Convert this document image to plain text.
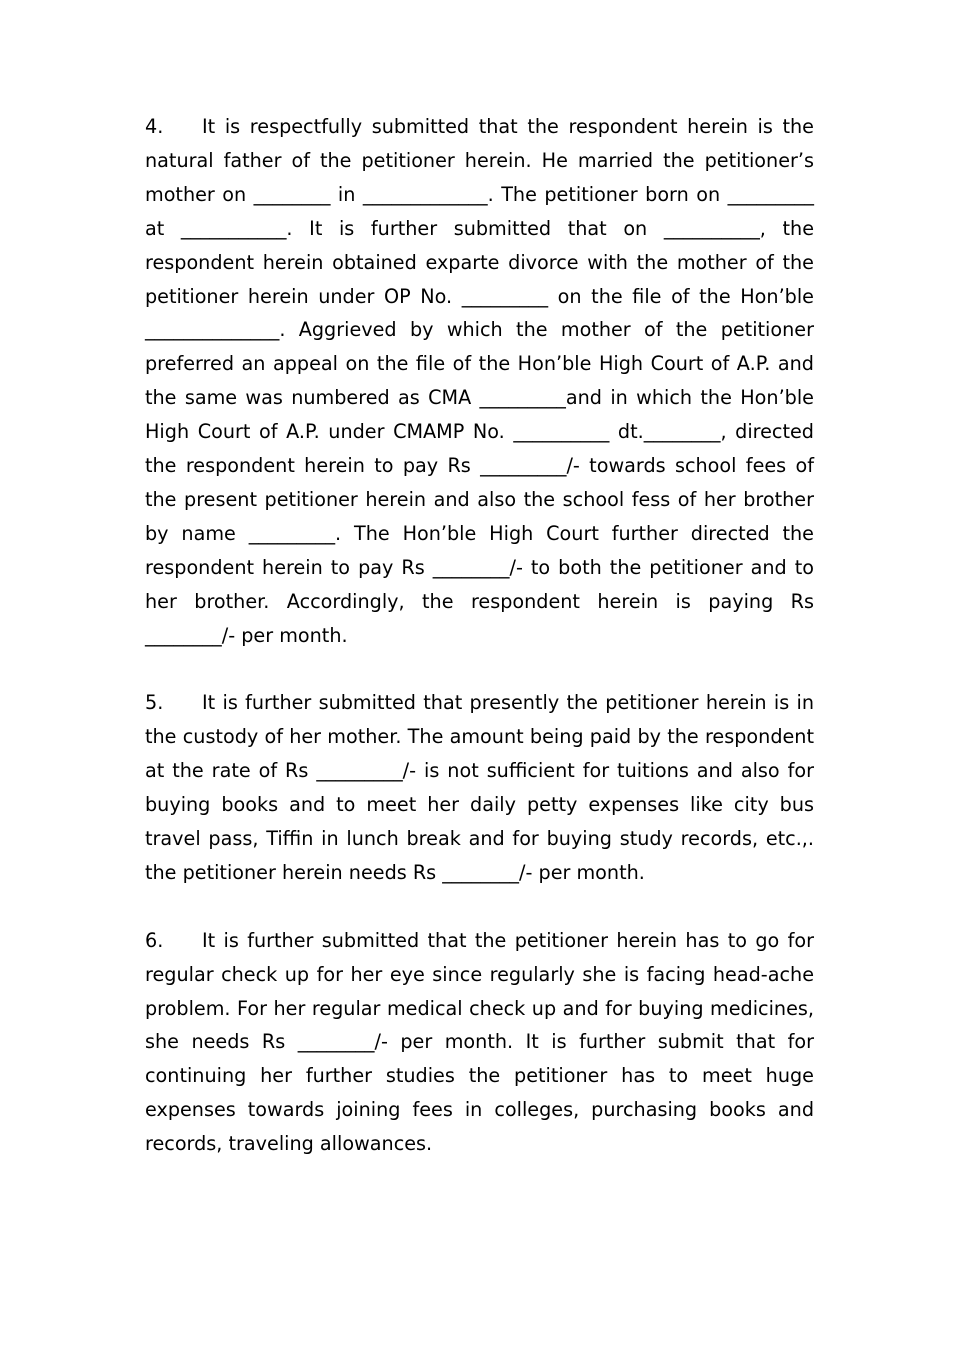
4. It is respectfully submitted that the respondent herein is the natural father of the petitioner herein. He married the petitioner’s mother on ________ in _____________. The petitioner born on _________ at ___________. It is further submitted that on __________, the respondent herein obtained exparte divorce with the mother of the petitioner herein under OP No. _________ on the file of the Hon’ble ______________. Aggrieved by which the mother of the petitioner preferred an appeal on the file of the Hon’ble High Court of A.P. and the same was numbered as CMA _________and in which the Hon’ble High Court of A.P. under CMAMP No. __________ dt.________, directed the respondent herein to pay Rs _________/- towards school fees of the present petitioner herein and also the school fess of her brother by name _________. The Hon’ble High Court further directed the respondent herein to pay Rs ________/- to both the petitioner and to her brother. Accordingly, the respondent herein is paying Rs ________/- per month.

5. It is further submitted that presently the petitioner herein is in the custody of her mother. The amount being paid by the respondent at the rate of Rs _________/- is not sufficient for tuitions and also for buying books and to meet her daily petty expenses like city bus travel pass, Tiffin in lunch break and for buying study records, etc.,. the petitioner herein needs Rs ________/- per month.

6. It is further submitted that the petitioner herein has to go for regular check up for her eye since regularly she is facing head-ache problem. For her regular medical check up and for buying medicines, she needs Rs ________/- per month. It is further submit that for continuing her further studies the petitioner has to meet huge expenses towards joining fees in colleges, purchasing books and records, traveling allowances.
